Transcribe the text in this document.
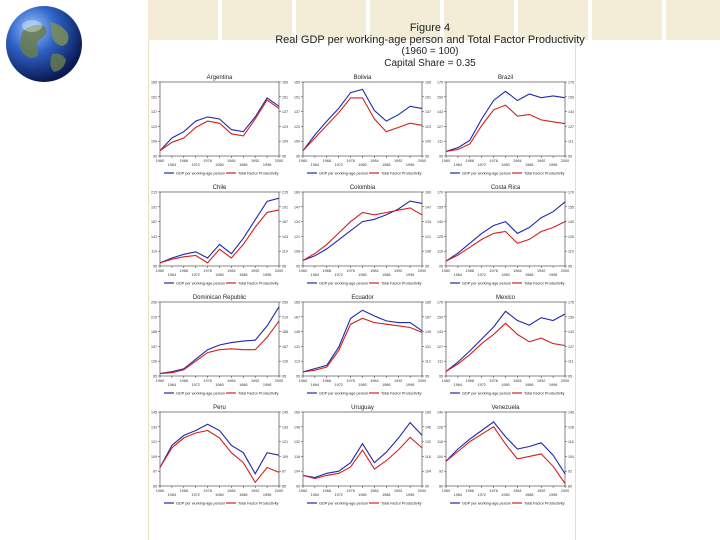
Figure 4
Real GDP per working-age person and Total Factor Productivity
(1960 = 100)
Capital Share = 0.35
Argentina
95	95
109	109
123	123
137	137
151	151
165	165
1960
1964
1968
1972
1976
1980
1984
1988
1992
1996
2000
GDP per working-age person	Total Factor Productivity
Bolivia
95	95
109	109
123	123
137	137
151	151
165	165
1960
1964
1968
1972
1976
1980
1984
1988
1992
1996
2000
GDP per working-age person	Total Factor Productivity
Brazil
95	95
111	111
127	127
143	143
159	159
175	175
1960
1964
1968
1972
1976
1980
1984
1988
1992
1996
2000
GDP per working-age person	Total Factor Productivity
Chile
95	95
119	119
143	143
167	167
191	191
215	215
1960
1964
1968
1972
1976
1980
1984
1988
1992
1996
2000
GDP per working-age person	Total Factor Productivity
Colombia
95	95
108	108
121	121
134	134
147	147
160	160
1960
1964
1968
1972
1976
1980
1984
1988
1992
1996
2000
GDP per working-age person	Total Factor Productivity
Costa Rica
95	95
110	110
125	125
140	140
155	155
170	170
1960
1964
1968
1972
1976
1980
1984
1988
1992
1996
2000
GDP per working-age person	Total Factor Productivity
Dominican Republic
95	95
126	126
157	157
188	188
219	219
250	250
1960
1964
1968
1972
1976
1980
1984
1988
1992
1996
2000
GDP per working-age person	Total Factor Productivity
Ecuador
95	95
113	113
131	131
149	149
167	167
185	185
1960
1964
1968
1972
1976
1980
1984
1988
1992
1996
2000
GDP per working-age person	Total Factor Productivity
Mexico
95	95
111	111
127	127
143	143
159	159
175	175
1960
1964
1968
1972
1976
1980
1984
1988
1992
1996
2000
GDP per working-age person	Total Factor Productivity
Peru
85	85
97	97
109	109
121	121
133	133
145	145
1960
1964
1968
1972
1976
1980
1984
1988
1992
1996
2000
GDP per working-age person	Total Factor Productivity
Uruguay
90	90
104	104
118	118
132	132
146	146
160	160
1960
1964
1968
1972
1976
1980
1984
1988
1992
1996
2000
GDP per working-age person	Total Factor Productivity
Venezuela
80	80
92	92
104	104
116	116
128	128
140	140
1960
1964
1968
1972
1976
1980
1984
1988
1992
1996
2000
GDP per working-age person	Total Factor Productivity
